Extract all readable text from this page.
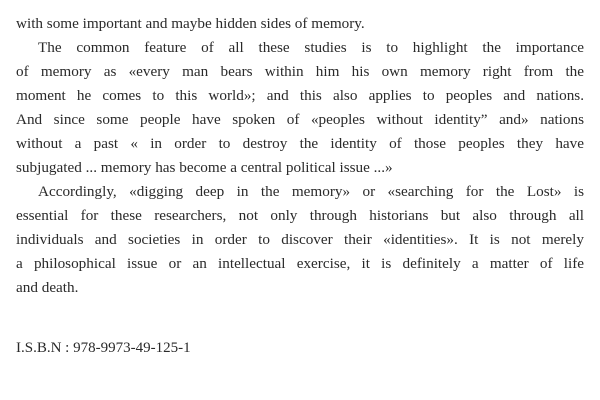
with some important and maybe hidden sides of memory.
The common feature of all these studies is to highlight the importance
of memory as «every man bears within him his own memory right from the
moment he comes to this world»; and this also applies to peoples and nations.
And since some people have spoken of «peoples without identity” and» nations
without a past « in order to destroy the identity of those peoples they have
subjugated ... memory has become a central political issue ...»
Accordingly, «digging deep in the memory» or «searching for the Lost» is
essential for these researchers, not only through historians but also through all
individuals and societies in order to discover their «identities». It is not merely
a philosophical issue or an intellectual exercise, it is definitely a matter of life
and death.
I.S.B.N : 978-9973-49-125-1
